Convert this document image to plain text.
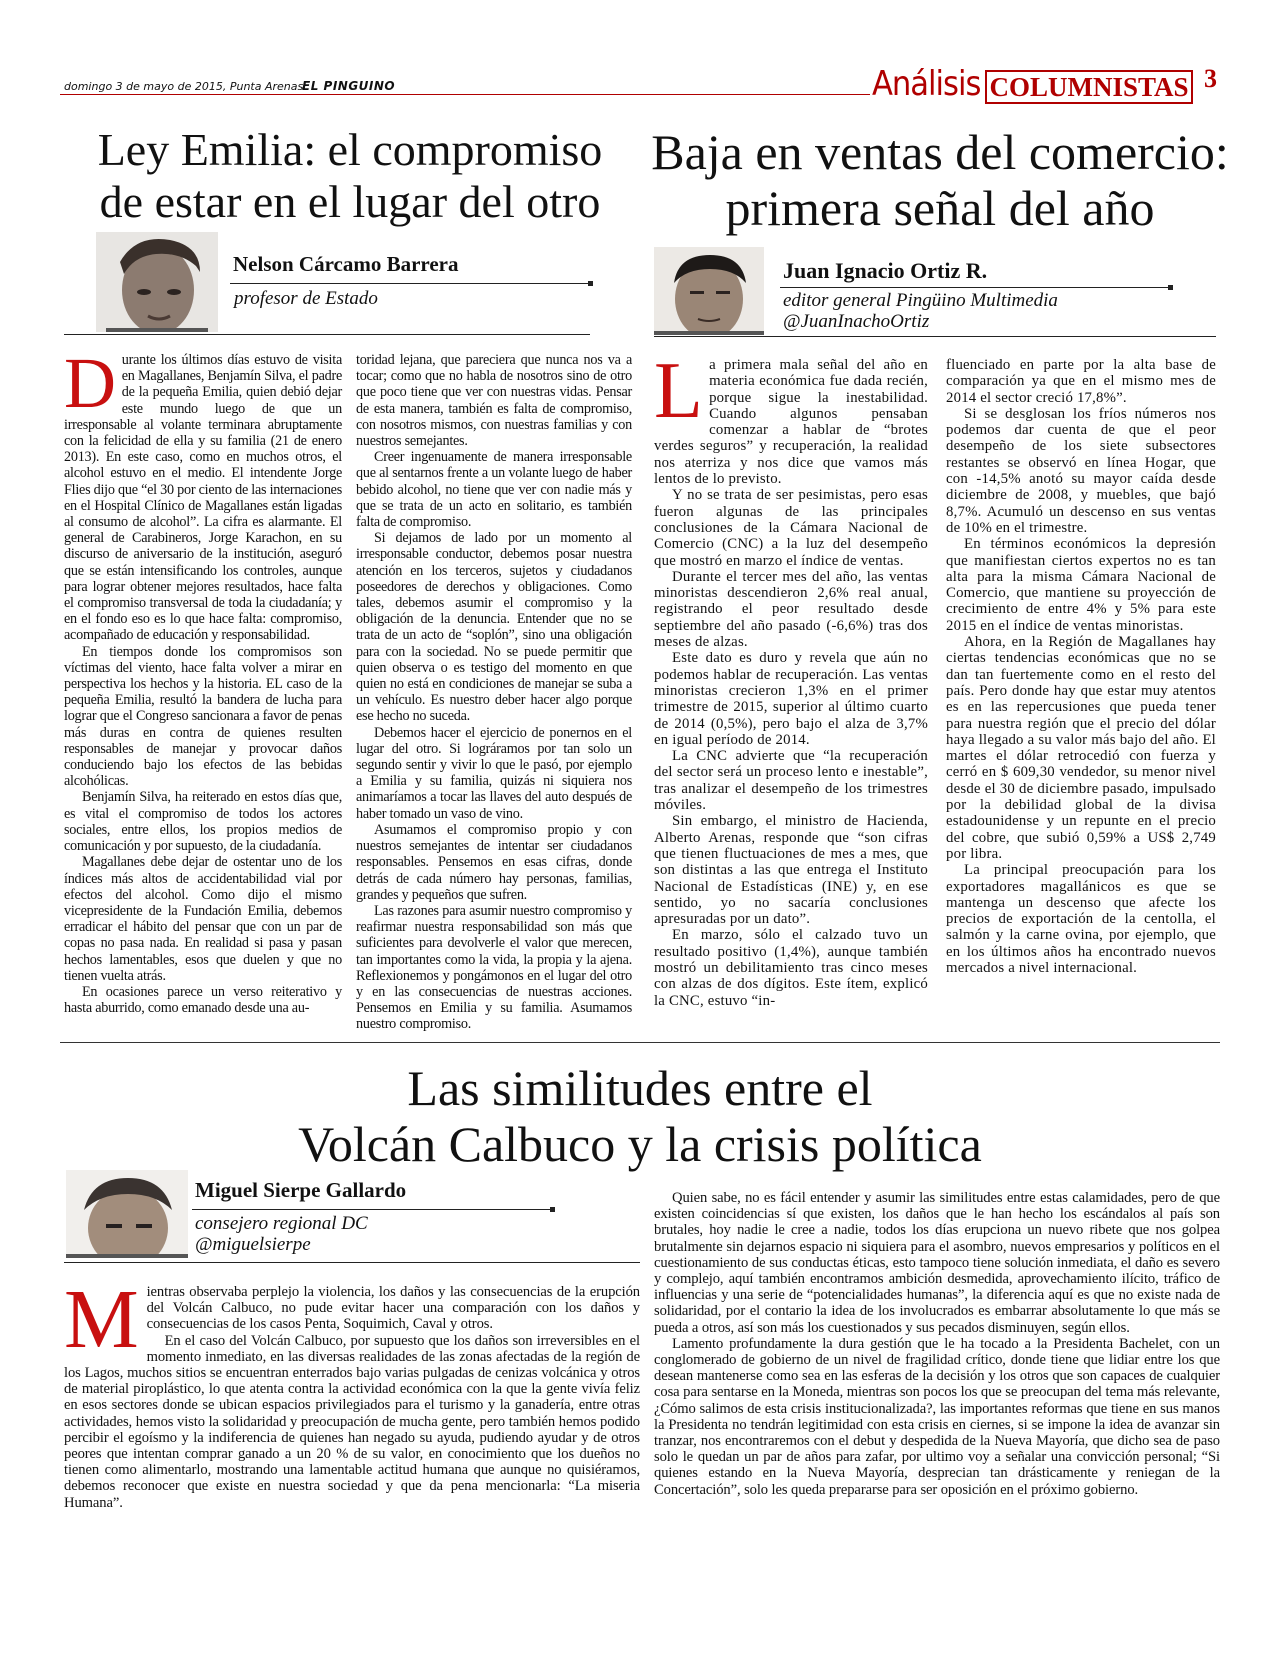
domingo 3 de mayo de 2015, Punta Arenas
EL PINGUINO	Análisis COLUMNISTAS 3
Ley Emilia: el compromiso
de estar en el lugar del otro
Nelson Cárcamo Barrera
profesor de Estado
D urante los últimos días estuvo de visita en Magallanes, Benjamín Silva, el padre de la pequeña Emilia, quien debió dejar este mundo luego de que un irresponsable al volante terminara abruptamente con la felicidad de ella y su familia (21 de enero 2013). En este caso, como en muchos otros, el alcohol estuvo en el medio. El intendente Jorge Flies dijo que “el 30 por ciento de las internaciones en el Hospital Clínico de Magallanes están ligadas al consumo de alcohol”. La cifra es alarmante. El general de Carabineros, Jorge Karachon, en su discurso de aniversario de la institución, aseguró que se están intensificando los controles, aunque para lograr obtener mejores resultados, hace falta el compromiso transversal de toda la ciudadanía; y en el fondo eso es lo que hace falta: compromiso, acompañado de educación y responsabilidad.

En tiempos donde los compromisos son víctimas del viento, hace falta volver a mirar en perspectiva los hechos y la historia. EL caso de la pequeña Emilia, resultó la bandera de lucha para lograr que el Congreso sancionara a favor de penas más duras en contra de quienes resulten responsables de manejar y provocar daños conduciendo bajo los efectos de las bebidas alcohólicas.

Benjamín Silva, ha reiterado en estos días que, es vital el compromiso de todos los actores sociales, entre ellos, los propios medios de comunicación y por supuesto, de la ciudadanía.

Magallanes debe dejar de ostentar uno de los índices más altos de accidentabilidad vial por efectos del alcohol. Como dijo el mismo vicepresidente de la Fundación Emilia, debemos erradicar el hábito del pensar que con un par de copas no pasa nada. En realidad si pasa y pasan hechos lamentables, esos que duelen y que no tienen vuelta atrás.

En ocasiones parece un verso reiterativo y hasta aburrido, como emanado desde una au-

toridad lejana, que pareciera que nunca nos va a tocar; como que no habla de nosotros sino de otro que poco tiene que ver con nuestras vidas. Pensar de esta manera, también es falta de compromiso, con nosotros mismos, con nuestras familias y con nuestros semejantes.

Creer ingenuamente de manera irresponsable que al sentarnos frente a un volante luego de haber bebido alcohol, no tiene que ver con nadie más y que se trata de un acto en solitario, es también falta de compromiso.

Si dejamos de lado por un momento al irresponsable conductor, debemos posar nuestra atención en los terceros, sujetos y ciudadanos poseedores de derechos y obligaciones. Como tales, debemos asumir el compromiso y la obligación de la denuncia. Entender que no se trata de un acto de “soplón”, sino una obligación para con la sociedad. No se puede permitir que quien observa o es testigo del momento en que quien no está en condiciones de manejar se suba a un vehículo. Es nuestro deber hacer algo porque ese hecho no suceda.

Debemos hacer el ejercicio de ponernos en el lugar del otro. Si lográramos por tan solo un segundo sentir y vivir lo que le pasó, por ejemplo a Emilia y su familia, quizás ni siquiera nos animaríamos a tocar las llaves del auto después de haber tomado un vaso de vino.

Asumamos el compromiso propio y con nuestros semejantes de intentar ser ciudadanos responsables. Pensemos en esas cifras, donde detrás de cada número hay personas, familias, grandes y pequeños que sufren.

Las razones para asumir nuestro compromiso y reafirmar nuestra responsabilidad son más que suficientes para devolverle el valor que merecen, tan importantes como la vida, la propia y la ajena. Reflexionemos y pongámonos en el lugar del otro y en las consecuencias de nuestras acciones. Pensemos en Emilia y su familia. Asumamos nuestro compromiso.

Baja en ventas del comercio:
primera señal del año
Juan Ignacio Ortiz R.
editor general Pingüino Multimedia
@JuanInachoOrtiz
L a primera mala señal del año en materia económica fue dada recién, porque sigue la inestabilidad. Cuando algunos pensaban comenzar a hablar de “brotes verdes seguros” y recuperación, la realidad nos aterriza y nos dice que vamos más lentos de lo previsto.

Y no se trata de ser pesimistas, pero esas fueron algunas de las principales conclusiones de la Cámara Nacional de Comercio (CNC) a la luz del desempeño que mostró en marzo el índice de ventas.

Durante el tercer mes del año, las ventas minoristas descendieron 2,6% real anual, registrando el peor resultado desde septiembre del año pasado (-6,6%) tras dos meses de alzas.

Este dato es duro y revela que aún no podemos hablar de recuperación. Las ventas minoristas crecieron 1,3% en el primer trimestre de 2015, superior al último cuarto de 2014 (0,5%), pero bajo el alza de 3,7% en igual período de 2014.

La CNC advierte que “la recuperación del sector será un proceso lento e inestable”, tras analizar el desempeño de los trimestres móviles.

Sin embargo, el ministro de Hacienda, Alberto Arenas, responde que “son cifras que tienen fluctuaciones de mes a mes, que son distintas a las que entrega el Instituto Nacional de Estadísticas (INE) y, en ese sentido, yo no sacaría conclusiones apresuradas por un dato”.

En marzo, sólo el calzado tuvo un resultado positivo (1,4%), aunque también mostró un debilitamiento tras cinco meses con alzas de dos dígitos. Este ítem, explicó la CNC, estuvo “in-

fluenciado en parte por la alta base de comparación ya que en el mismo mes de 2014 el sector creció 17,8%”.

Si se desglosan los fríos números nos podemos dar cuenta de que el peor desempeño de los siete subsectores restantes se observó en línea Hogar, que con -14,5% anotó su mayor caída desde diciembre de 2008, y muebles, que bajó 8,7%. Acumuló un descenso en sus ventas de 10% en el trimestre.

En términos económicos la depresión que manifiestan ciertos expertos no es tan alta para la misma Cámara Nacional de Comercio, que mantiene su proyección de crecimiento de entre 4% y 5% para este 2015 en el índice de ventas minoristas.

Ahora, en la Región de Magallanes hay ciertas tendencias económicas que no se dan tan fuertemente como en el resto del país. Pero donde hay que estar muy atentos es en las repercusiones que pueda tener para nuestra región que el precio del dólar haya llegado a su valor más bajo del año. El martes el dólar retrocedió con fuerza y cerró en $ 609,30 vendedor, su menor nivel desde el 30 de diciembre pasado, impulsado por la debilidad global de la divisa estadounidense y un repunte en el precio del cobre, que subió 0,59% a US$ 2,749 por libra.

La principal preocupación para los exportadores magallánicos es que se mantenga un descenso que afecte los precios de exportación de la centolla, el salmón y la carne ovina, por ejemplo, que en los últimos años ha encontrado nuevos mercados a nivel internacional.

Las similitudes entre el
Volcán Calbuco y la crisis política
Miguel Sierpe Gallardo
consejero regional DC
@miguelsierpe
M ientras observaba perplejo la violencia, los daños y las consecuencias de la erupción del Volcán Calbuco, no pude evitar hacer una comparación con los daños y consecuencias de los casos Penta, Soquimich, Caval y otros.

En el caso del Volcán Calbuco, por supuesto que los daños son irreversibles en el momento inmediato, en las diversas realidades de las zonas afectadas de la región de los Lagos, muchos sitios se encuentran enterrados bajo varias pulgadas de cenizas volcánica y otros de material piroplástico, lo que atenta contra la actividad económica con la que la gente vivía feliz en esos sectores donde se ubican espacios privilegiados para el turismo y la ganadería, entre otras actividades, hemos visto la solidaridad y preocupación de mucha gente, pero también hemos podido percibir el egoísmo y la indiferencia de quienes han negado su ayuda, pudiendo ayudar y de otros peores que intentan comprar ganado a un 20 % de su valor, en conocimiento que los dueños no tienen como alimentarlo, mostrando una lamentable actitud humana que aunque no quisiéramos, debemos reconocer que existe en nuestra sociedad y que da pena mencionarla: “La miseria Humana”.

Quien sabe, no es fácil entender y asumir las similitudes entre estas calamidades, pero de que existen coincidencias sí que existen, los daños que le han hecho los escándalos al país son brutales, hoy nadie le cree a nadie, todos los días erupciona un nuevo ribete que nos golpea brutalmente sin dejarnos espacio ni siquiera para el asombro, nuevos empresarios y políticos en el cuestionamiento de sus conductas éticas, esto tampoco tiene solución inmediata, el daño es severo y complejo, aquí también encontramos ambición desmedida, aprovechamiento ilícito, tráfico de influencias y una serie de “potencialidades humanas”, la diferencia aquí es que no existe nada de solidaridad, por el contario la idea de los involucrados es embarrar absolutamente lo que más se pueda a otros, así son más los cuestionados y sus pecados disminuyen, según ellos.

Lamento profundamente la dura gestión que le ha tocado a la Presidenta Bachelet, con un conglomerado de gobierno de un nivel de fragilidad crítico, donde tiene que lidiar entre los que desean mantenerse como sea en las esferas de la decisión y los otros que son capaces de cualquier cosa para sentarse en la Moneda, mientras son pocos los que se preocupan del tema más relevante, ¿Cómo salimos de esta crisis institucionalizada?, las importantes reformas que tiene en sus manos la Presidenta no tendrán legitimidad con esta crisis en ciernes, si se impone la idea de avanzar sin tranzar, nos encontraremos con el debut y despedida de la Nueva Mayoría, que dicho sea de paso solo le quedan un par de años para zafar, por ultimo voy a señalar una convicción personal; “Si quienes estando en la Nueva Mayoría, desprecian tan drásticamente y reniegan de la Concertación”, solo les queda prepararse para ser oposición en el próximo gobierno.
